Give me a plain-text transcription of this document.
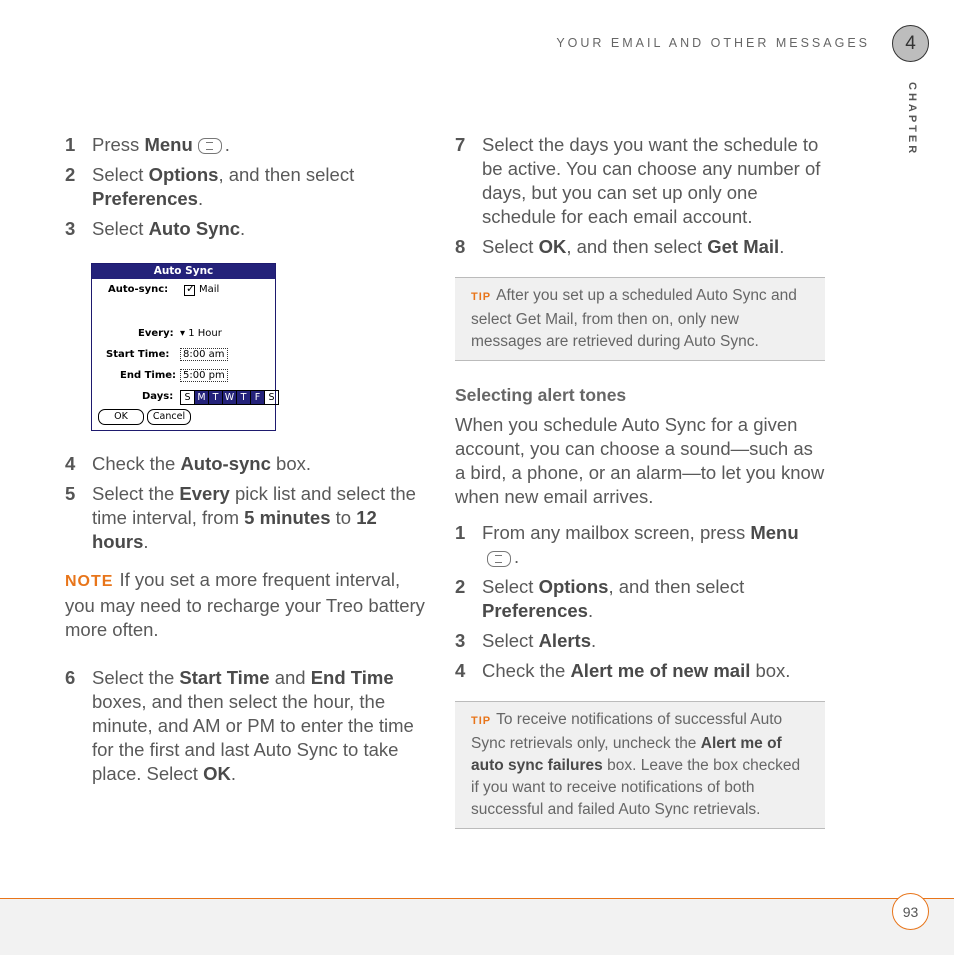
YOUR EMAIL AND OTHER MESSAGES	4
CHAPTER
1 Press Menu .
2 Select Options, and then select Preferences.
3 Select Auto Sync.
Auto Sync
Auto-sync: ✓ Mail
Every: ▾ 1 Hour
Start Time:	8:00 am
End Time: 5:00 pm
Days:	S M T W T F S
OK	Cancel
4 Check the Auto-sync box.
5 Select the Every pick list and select the time interval, from 5 minutes to 12 hours.
NOTE If you set a more frequent interval, you may need to recharge your Treo battery more often.
6 Select the Start Time and End Time boxes, and then select the hour, the minute, and AM or PM to enter the time for the first and last Auto Sync to take place. Select OK.
7 Select the days you want the schedule to be active. You can choose any number of days, but you can set up only one schedule for each email account.
8 Select OK, and then select Get Mail.
TIP After you set up a scheduled Auto Sync and select Get Mail, from then on, only new messages are retrieved during Auto Sync.
Selecting alert tones
When you schedule Auto Sync for a given account, you can choose a sound—such as a bird, a phone, or an alarm—to let you know when new email arrives.
1 From any mailbox screen, press Menu.
2 Select Options, and then select Preferences.
3 Select Alerts.
4 Check the Alert me of new mail box.
TIP To receive notifications of successful Auto Sync retrievals only, uncheck the Alert me of auto sync failures box. Leave the box checked if you want to receive notifications of both successful and failed Auto Sync retrievals.
93
